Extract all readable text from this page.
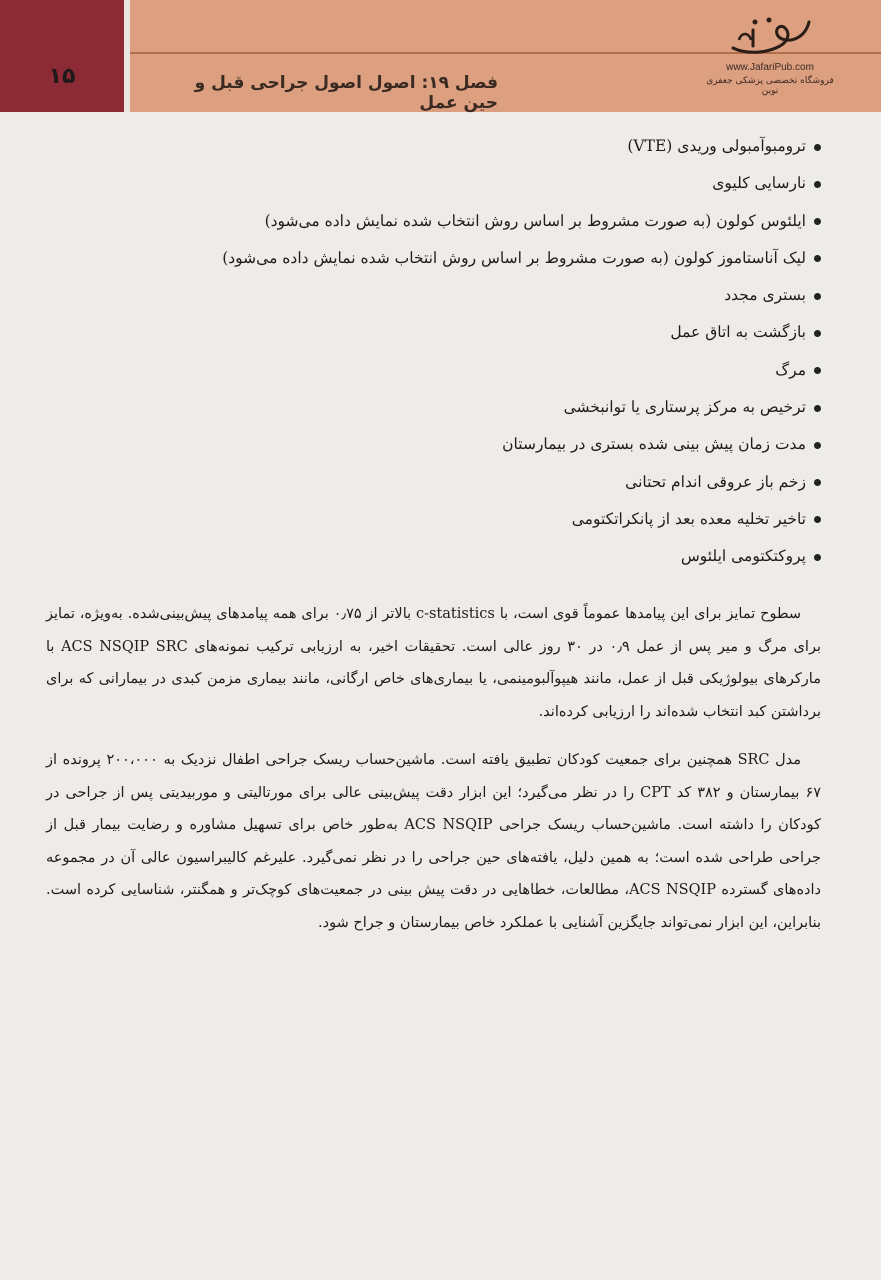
۱۵	فصل ۱۹: اصول اصول جراحی قبل و حین عمل
www.JafariPub.com
فروشگاه تخصصی پزشکی جعفری نوین
ترومبوآمبولی وریدی (VTE)
نارسایی کلیوی
ایلئوس کولون (به صورت مشروط بر اساس روش انتخاب شده نمایش داده می‌شود)
لیک آناستاموز کولون (به صورت مشروط بر اساس روش انتخاب شده نمایش داده می‌شود)
بستری مجدد
بازگشت به اتاق عمل
مرگ
ترخیص به مرکز پرستاری یا توانبخشی
مدت زمان پیش بینی شده بستری در بیمارستان
زخم باز عروقی اندام تحتانی
تاخیر تخلیه معده بعد از پانکراتکتومی
پروکتکتومی ایلئوس

سطوح تمایز برای این پیامدها عموماً قوی است، با c-statistics بالاتر از ۰٫۷۵ برای همه پیامدهای پیش‌بینی‌شده. به‌ویژه، تمایز برای مرگ و میر پس از عمل ۰٫۹ در ۳۰ روز عالی است. تحقیقات اخیر، به ارزیابی ترکیب نمونه‌های ACS NSQIP SRC با مارکرهای بیولوژیکی قبل از عمل، مانند هیپوآلبومینمی، یا بیماری‌های خاص ارگانی، مانند بیماری مزمن کبدی در بیمارانی که برای برداشتن کبد انتخاب شده‌اند را ارزیابی کرده‌اند.

مدل SRC همچنین برای جمعیت کودکان تطبیق یافته است. ماشین‌حساب ریسک جراحی اطفال نزدیک به ۲۰۰،۰۰۰ پرونده از ۶۷ بیمارستان و ۳۸۲ کد CPT را در نظر می‌گیرد؛ این ابزار دقت پیش‌بینی عالی برای مورتالیتی و موربیدیتی پس از جراحی در کودکان را داشته است. ماشین‌حساب ریسک جراحی ACS NSQIP به‌طور خاص برای تسهیل مشاوره و رضایت بیمار قبل از جراحی طراحی شده است؛ به همین دلیل، یافته‌های حین جراحی را در نظر نمی‌گیرد. علیرغم کالیبراسیون عالی آن در مجموعه داده‌های گسترده ACS NSQIP، مطالعات، خطاهایی در دقت پیش بینی در جمعیت‌های کوچک‌تر و همگنتر، شناسایی کرده است. بنابراین، این ابزار نمی‌تواند جایگزین آشنایی با عملکرد خاص بیمارستان و جراح شود.
